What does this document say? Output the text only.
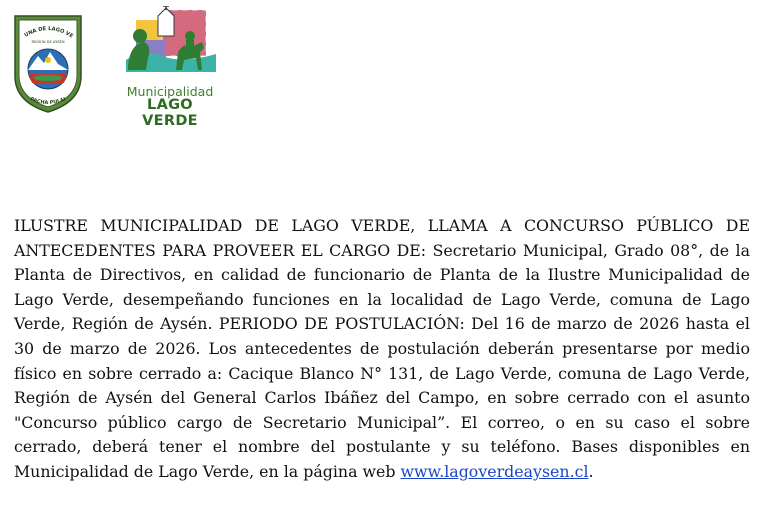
UNA DE LAGO VE
REGION DE AYSÉN
PACHA PULAI
Municipalidad
LAGO VERDE

ILUSTRE MUNICIPALIDAD DE LAGO VERDE, LLAMA A CONCURSO PÚBLICO DE ANTECEDENTES PARA PROVEER EL CARGO DE: Secretario Municipal, Grado 08°, de la Planta de Directivos, en calidad de funcionario de Planta de la Ilustre Municipalidad de Lago Verde, desempeñando funciones en la localidad de Lago Verde, comuna de Lago Verde, Región de Aysén. PERIODO DE POSTULACIÓN: Del 16 de marzo de 2026 hasta el 30 de marzo de 2026. Los antecedentes de postulación deberán presentarse por medio físico en sobre cerrado a: Cacique Blanco N° 131, de Lago Verde, comuna de Lago Verde, Región de Aysén del General Carlos Ibáñez del Campo, en sobre cerrado con el asunto "Concurso público cargo de Secretario Municipal”. El correo, o en su caso el sobre cerrado, deberá tener el nombre del postulante y su teléfono. Bases disponibles en Municipalidad de Lago Verde, en la página web www.lagoverdeaysen.cl.
